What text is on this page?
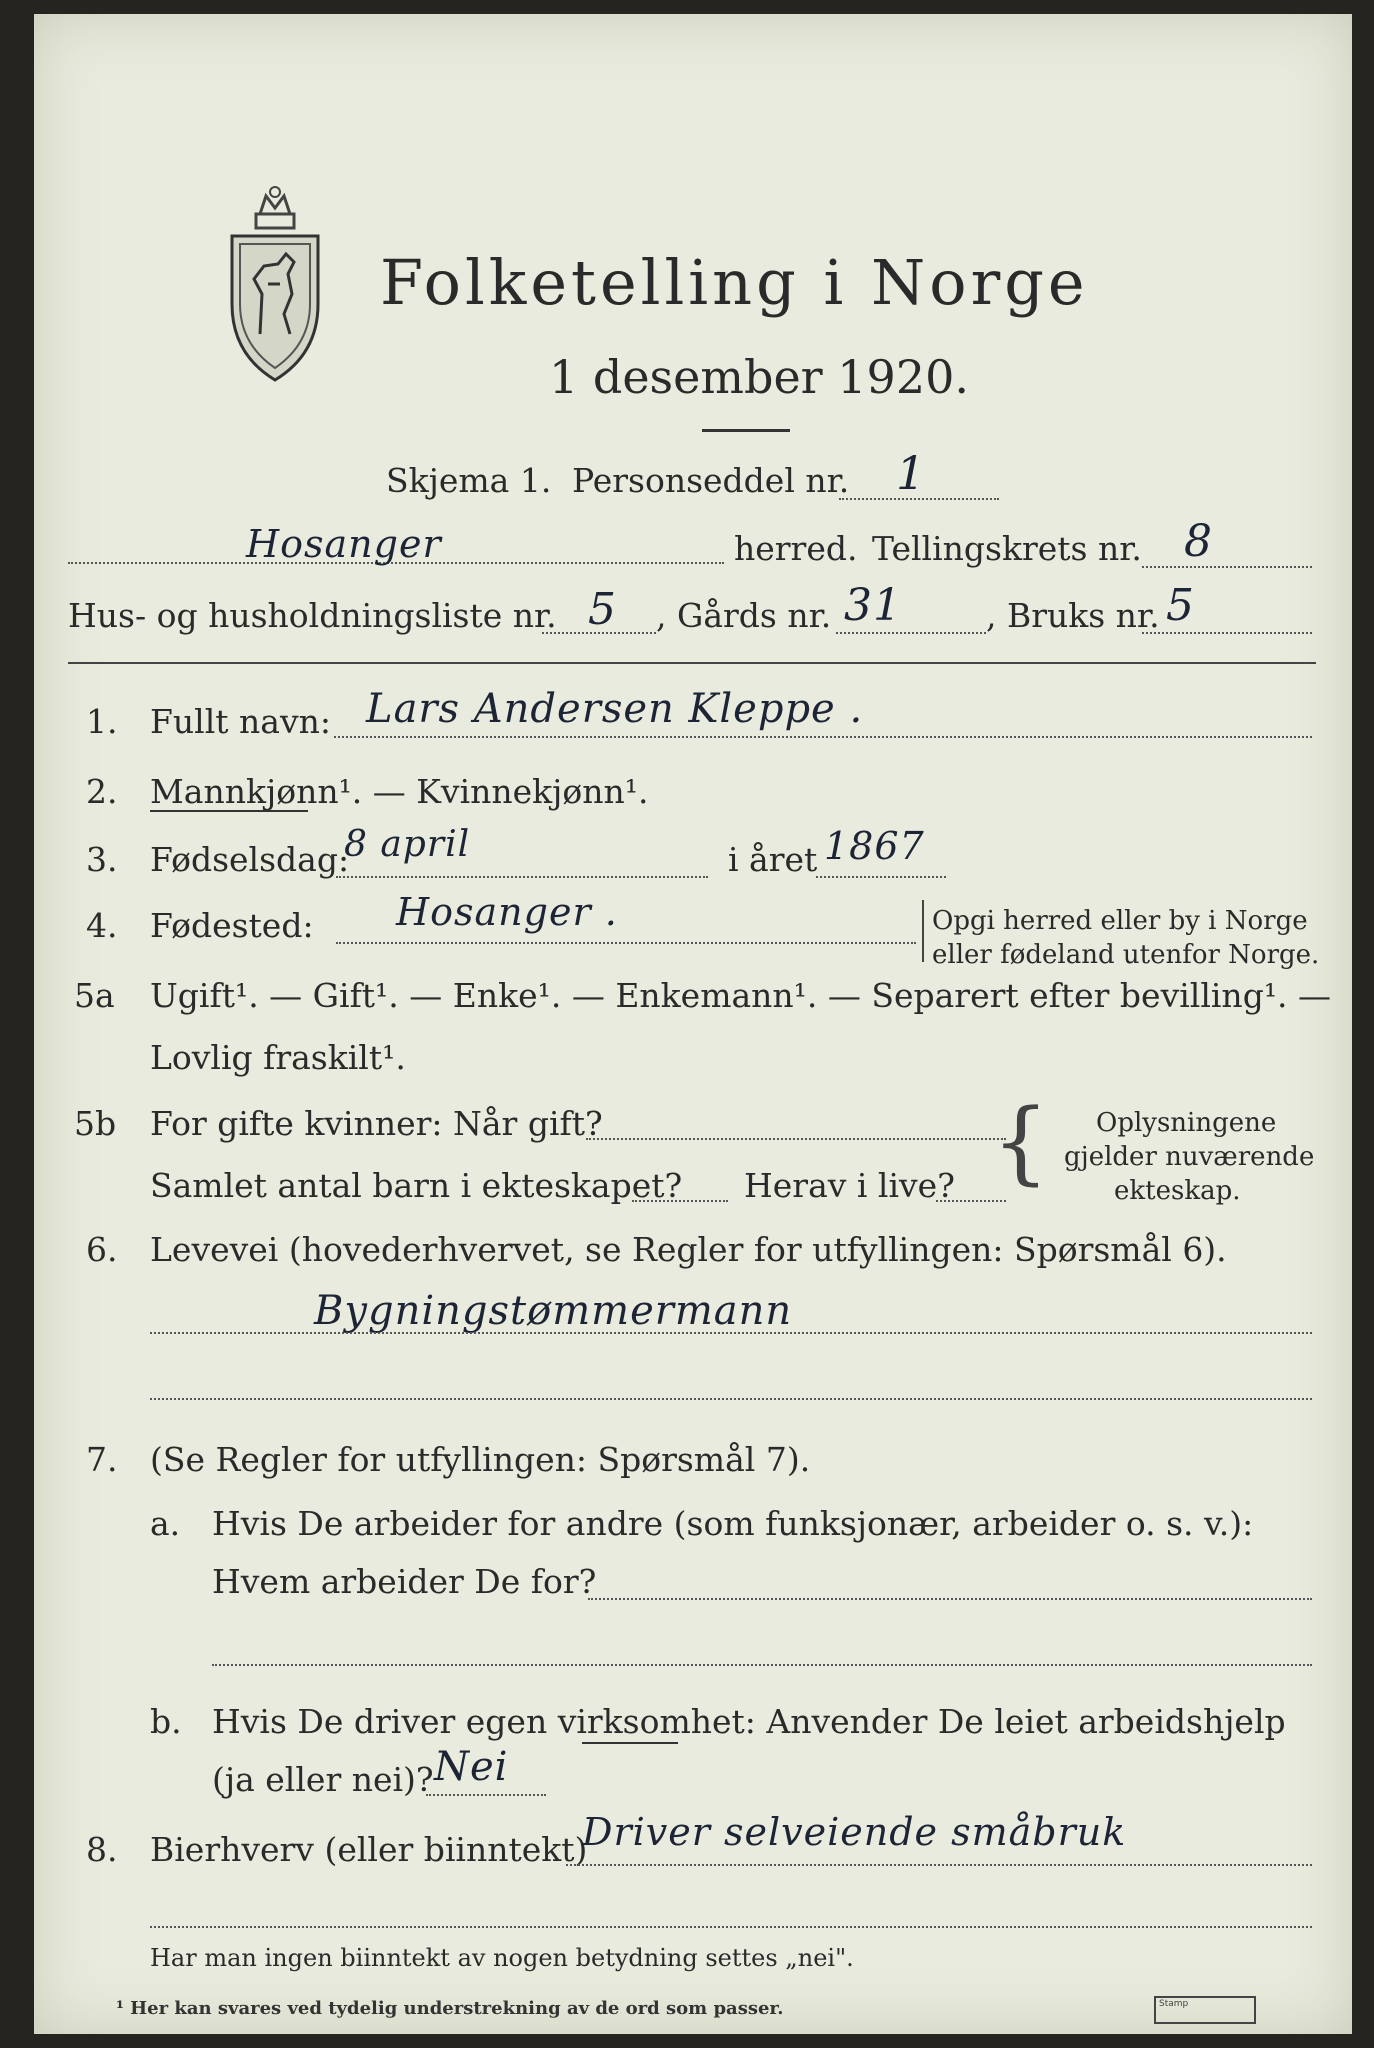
Folketelling i Norge
1 desember 1920.
Skjema 1. Personseddel nr. 1
Hosanger	herred. Tellingskrets nr. 8
Hus- og husholdningsliste nr. 5 , Gårds nr. 31	, Bruks nr. 5
1. Fullt navn: Lars Andersen Kleppe .
2. Mannkjønn¹. — Kvinnekjønn¹.
3. Fødselsdag:
8 april	i året 1867
4. Fødested: Hosanger .	Opgi herred eller by i Norge
eller fødeland utenfor Norge.
5a Ugift¹. — Gift¹. — Enke¹. — Enkemann¹. — Separert efter bevilling¹. —
Lovlig fraskilt¹.
5b For gifte kvinner: Når gift?
Samlet antal barn i ekteskapet? Herav i live? { Oplysningene
gjelder nuværende
ekteskap.
6. Levevei (hovederhvervet, se Regler for utfyllingen: Spørsmål 6).
Bygningstømmermann
7. (Se Regler for utfyllingen: Spørsmål 7).
a. Hvis De arbeider for andre (som funksjonær, arbeider o. s. v.):
Hvem arbeider De for?
b. Hvis De driver egen virksomhet: Anvender De leiet arbeidshjelp
(ja eller nei)? Nei
8. Bierhverv (eller biinntekt)
Driver selveiende småbruk
Har man ingen biinntekt av nogen betydning settes „nei".
¹ Her kan svares ved tydelig understrekning av de ord som passer.	Stamp
